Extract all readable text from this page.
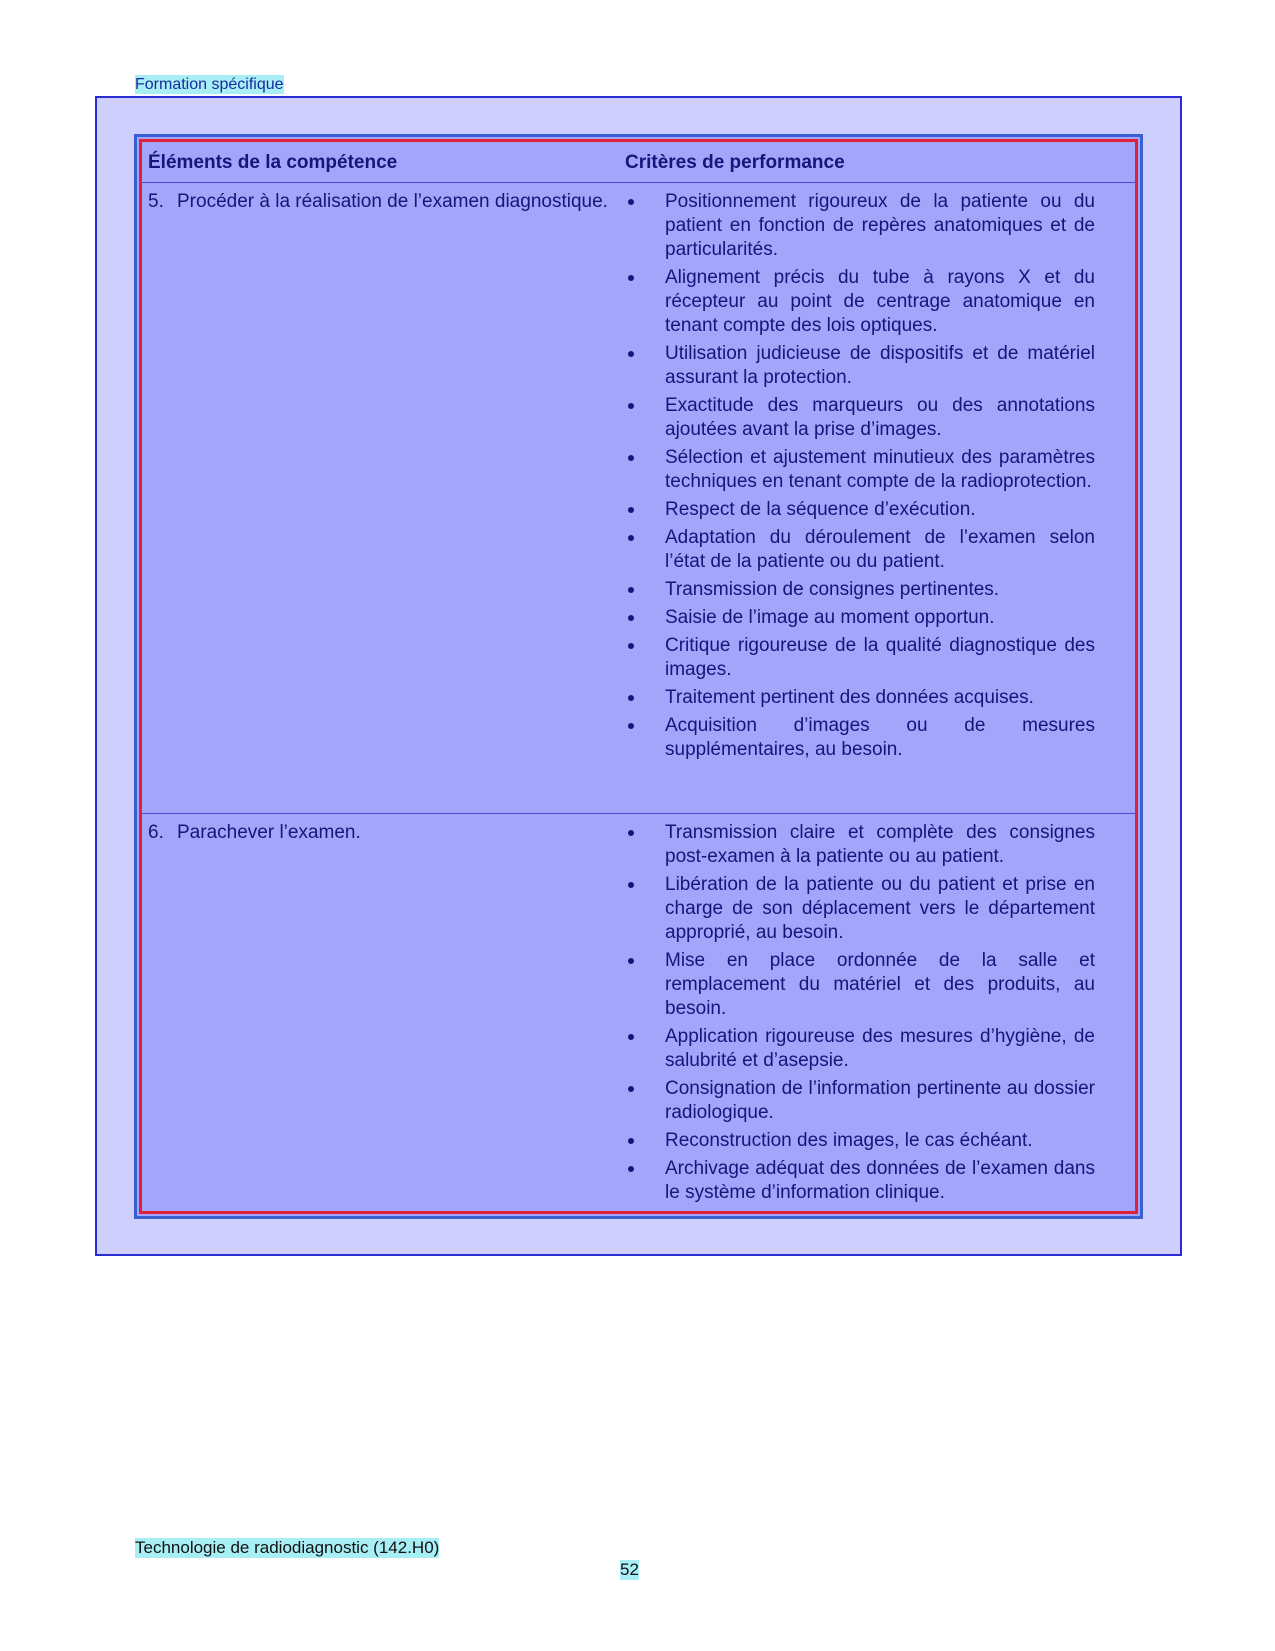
Formation spécifique
Éléments de la compétence	Critères de performance
5. Procéder à la réalisation de l’examen diagnostique.	Positionnement rigoureux de la patiente ou du patient en fonction de repères anatomiques et de particularités.
Alignement précis du tube à rayons X et du récepteur au point de centrage anatomique en tenant compte des lois optiques.
Utilisation judicieuse de dispositifs et de matériel assurant la protection.
Exactitude des marqueurs ou des annotations ajoutées avant la prise d’images.
Sélection et ajustement minutieux des paramètres techniques en tenant compte de la radioprotection.
Respect de la séquence d’exécution.
Adaptation du déroulement de l’examen selon l’état de la patiente ou du patient.
Transmission de consignes pertinentes.
Saisie de l’image au moment opportun.
Critique rigoureuse de la qualité diagnostique des images.
Traitement pertinent des données acquises.
Acquisition d’images ou de mesures supplémentaires, au besoin.
6. Parachever l’examen.	Transmission claire et complète des consignes post-examen à la patiente ou au patient.
Libération de la patiente ou du patient et prise en charge de son déplacement vers le département approprié, au besoin.
Mise en place ordonnée de la salle et remplacement du matériel et des produits, au besoin.
Application rigoureuse des mesures d’hygiène, de salubrité et d’asepsie.
Consignation de l’information pertinente au dossier radiologique.
Reconstruction des images, le cas échéant.
Archivage adéquat des données de l’examen dans le système d’information clinique.
Technologie de radiodiagnostic (142.H0)
52
